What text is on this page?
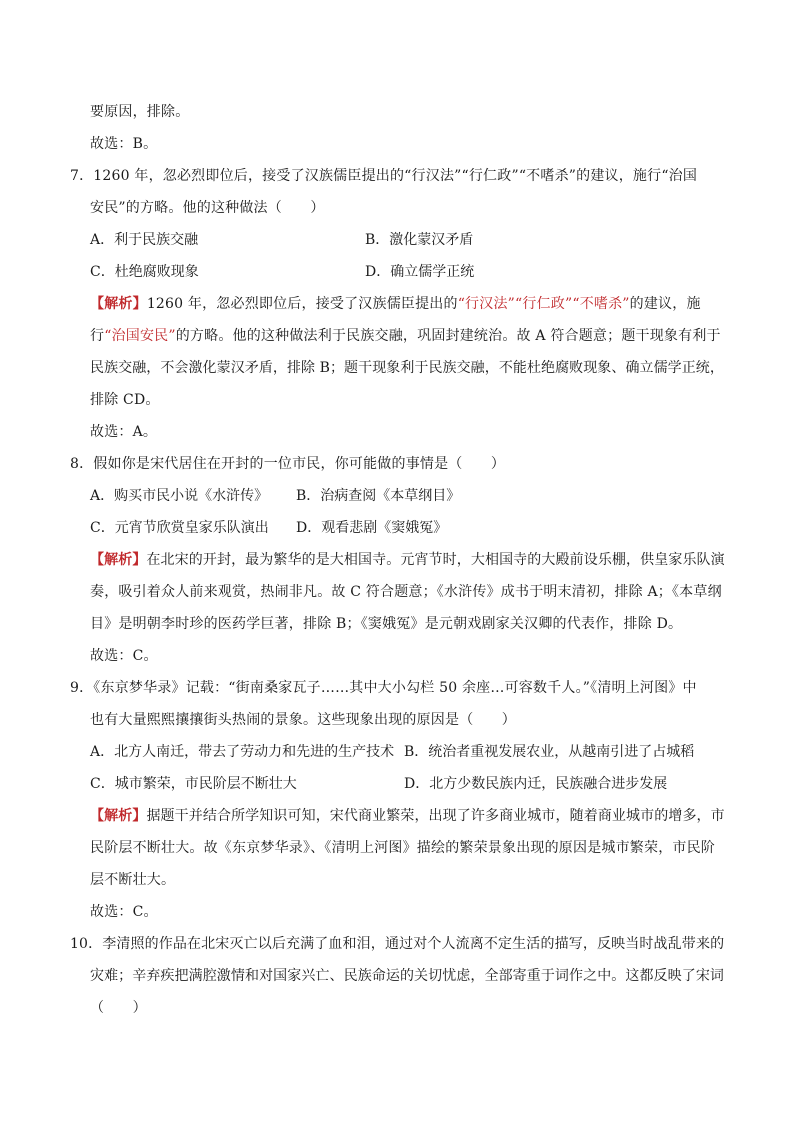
要原因，排除。
故选：B。
7．1260 年，忽必烈即位后，接受了汉族儒臣提出的“行汉法”“行仁政”“不嗜杀”的建议，施行“治国
安民”的方略。他的这种做法（　　）
A．利于民族交融	B．激化蒙汉矛盾
C．杜绝腐败现象	D．确立儒学正统
【解析】1260 年，忽必烈即位后，接受了汉族儒臣提出的“行汉法”“行仁政”“不嗜杀”的建议，施
行“治国安民”的方略。他的这种做法利于民族交融，巩固封建统治。故 A 符合题意；题干现象有利于
民族交融，不会激化蒙汉矛盾，排除 B；题干现象利于民族交融，不能杜绝腐败现象、确立儒学正统，
排除 CD。
故选：A。
8．假如你是宋代居住在开封的一位市民，你可能做的事情是（　　）
A．购买市民小说《水浒传》 B．治病查阅《本草纲目》
C．元宵节欣赏皇家乐队演出 D．观看悲剧《窦娥冤》
【解析】在北宋的开封，最为繁华的是大相国寺。元宵节时，大相国寺的大殿前设乐棚，供皇家乐队演
奏，吸引着众人前来观赏，热闹非凡。故 C 符合题意；《水浒传》成书于明末清初，排除 A；《本草纲
目》是明朝李时珍的医药学巨著，排除 B；《窦娥冤》是元朝戏剧家关汉卿的代表作，排除 D。
故选：C。
9．《东京梦华录》记载：“街南桑家瓦子……其中大小勾栏 50 余座…可容数千人。”《清明上河图》中
也有大量熙熙攘攘街头热闹的景象。这些现象出现的原因是（　　）
A．北方人南迁，带去了劳动力和先进的生产技术 B．统治者重视发展农业，从越南引进了占城稻
C．城市繁荣，市民阶层不断壮大	D．北方少数民族内迁，民族融合进步发展
【解析】据题干并结合所学知识可知，宋代商业繁荣，出现了许多商业城市，随着商业城市的增多，市
民阶层不断壮大。故《东京梦华录》、《清明上河图》描绘的繁荣景象出现的原因是城市繁荣，市民阶
层不断壮大。
故选：C。
10．李清照的作品在北宋灭亡以后充满了血和泪，通过对个人流离不定生活的描写，反映当时战乱带来的
灾难；辛弃疾把满腔激情和对国家兴亡、民族命运的关切忧虑，全部寄重于词作之中。这都反映了宋词
（　　）
